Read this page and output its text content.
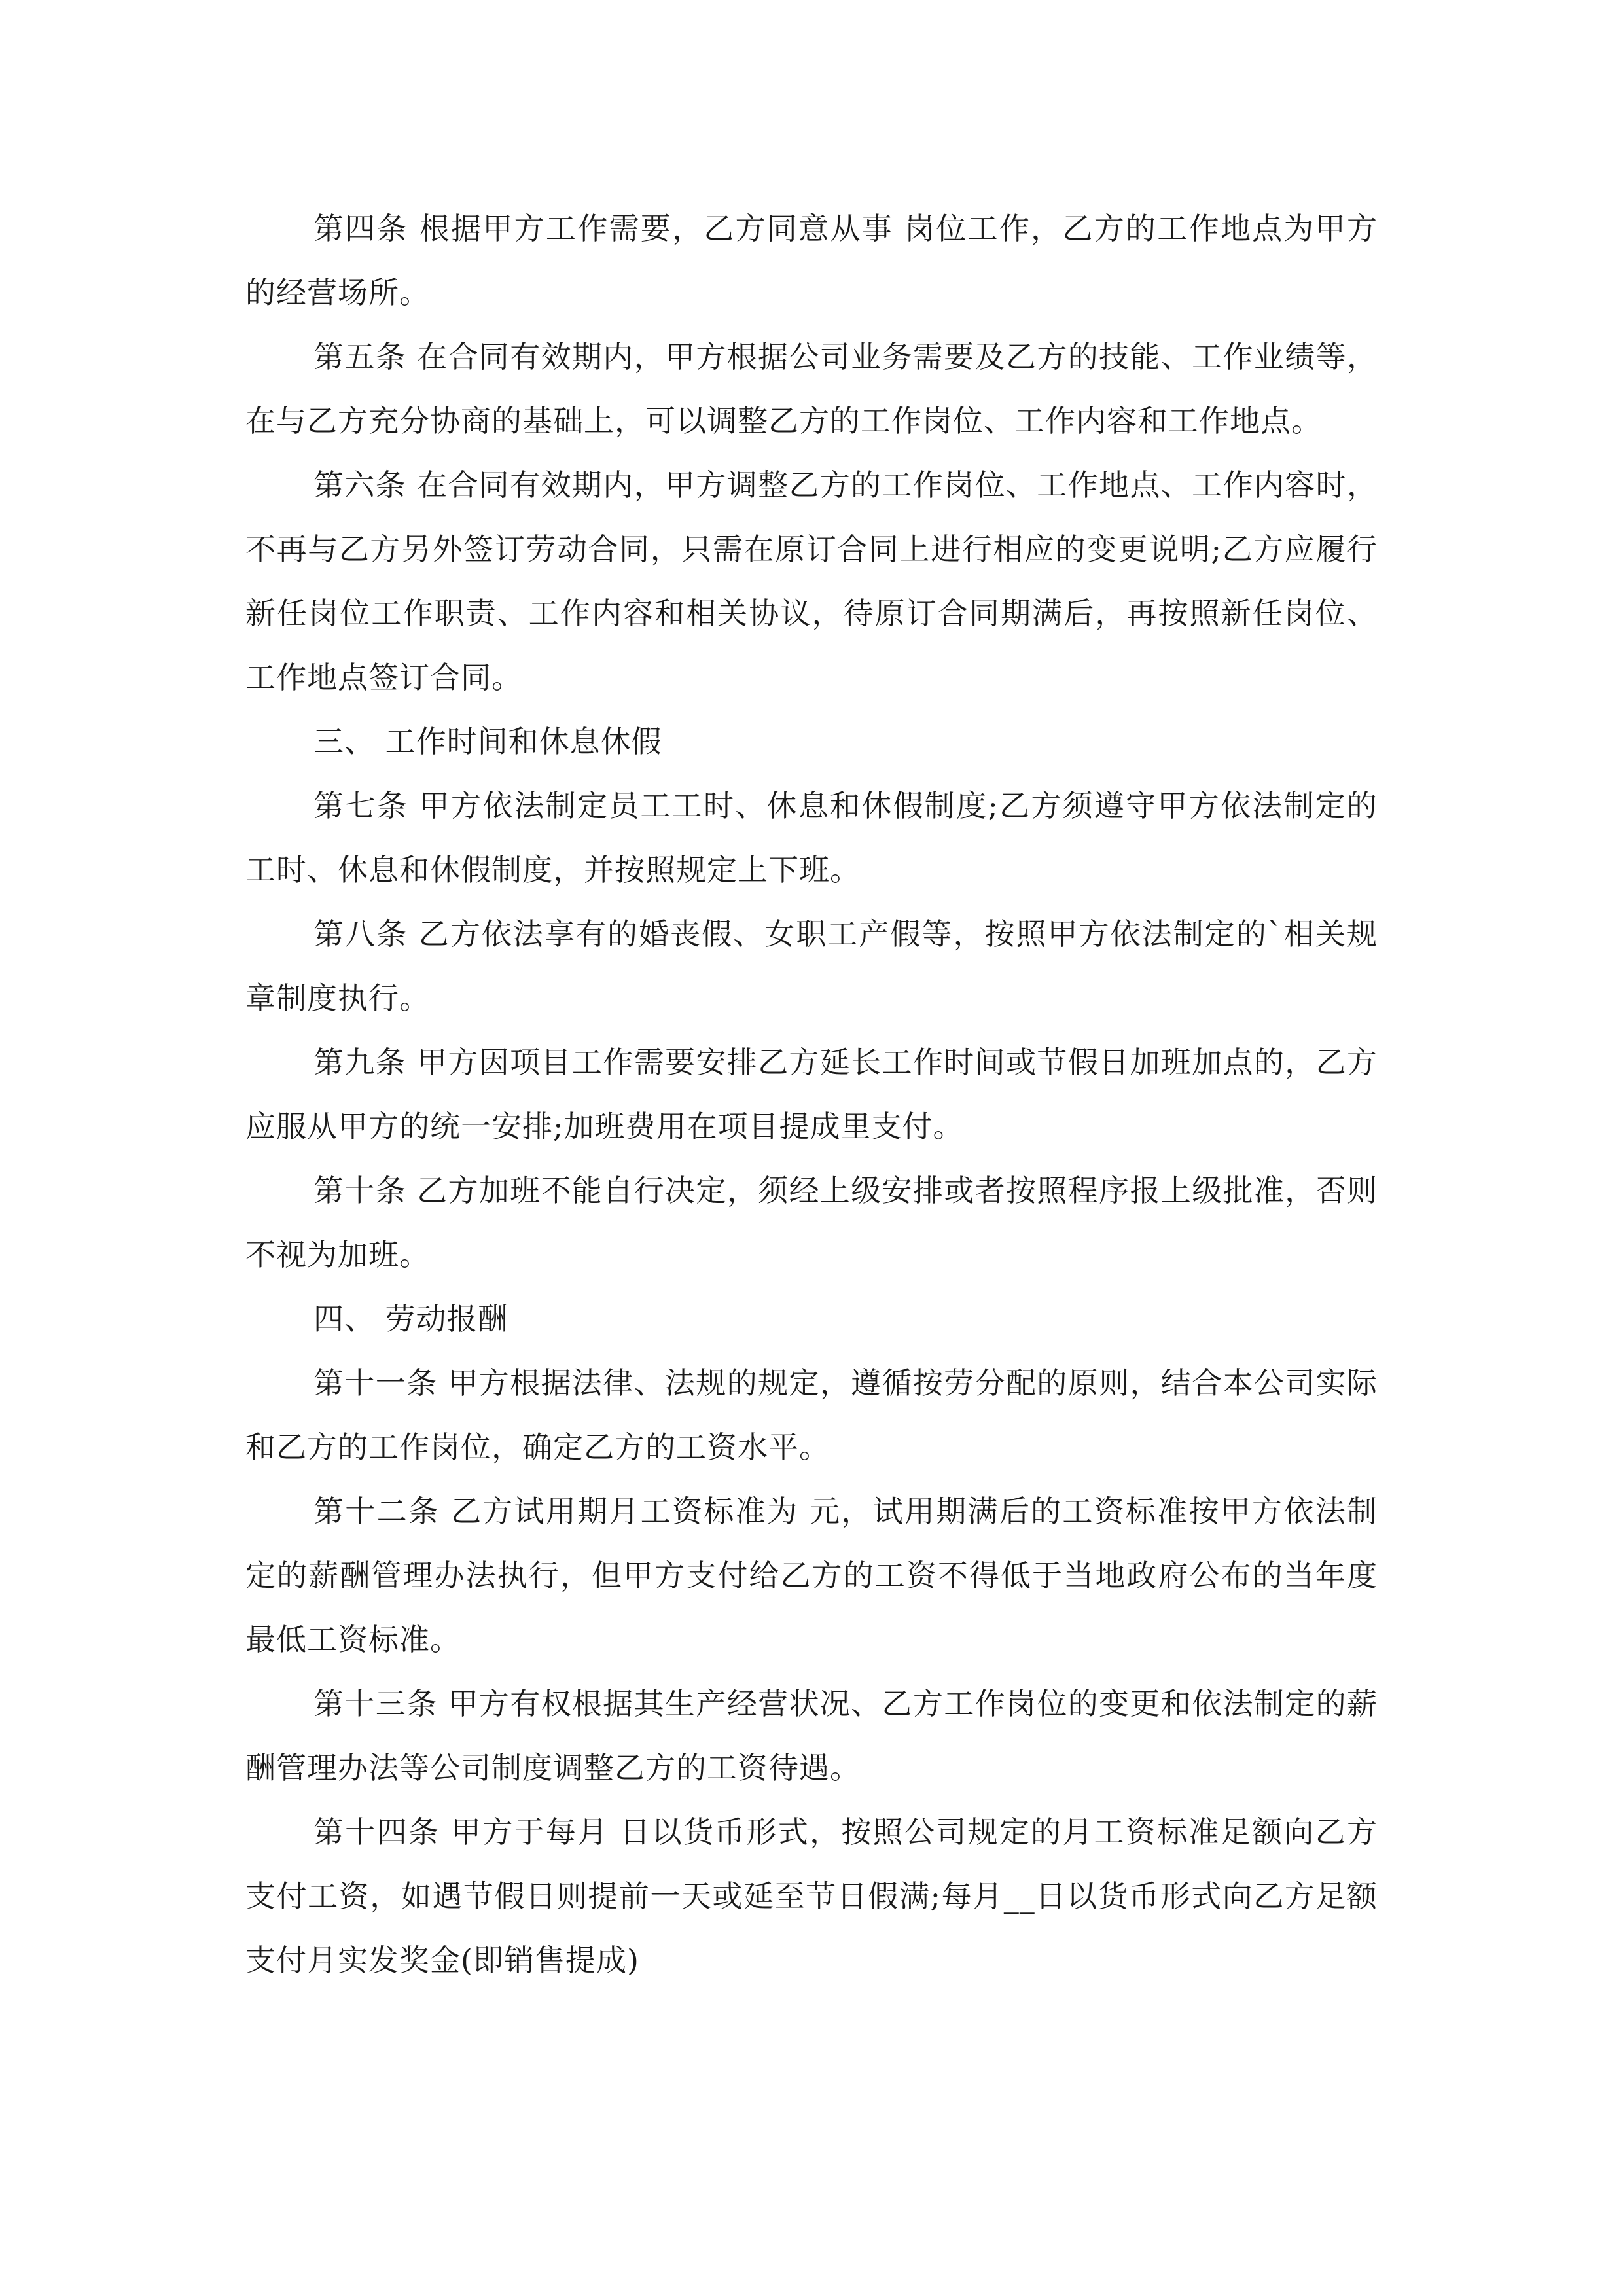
第四条 根据甲方工作需要，乙方同意从事 岗位工作，乙方的工作地点为甲方的经营场所。

第五条 在合同有效期内，甲方根据公司业务需要及乙方的技能、工作业绩等，在与乙方充分协商的基础上，可以调整乙方的工作岗位、工作内容和工作地点。

第六条 在合同有效期内，甲方调整乙方的工作岗位、工作地点、工作内容时，不再与乙方另外签订劳动合同，只需在原订合同上进行相应的变更说明;乙方应履行新任岗位工作职责、工作内容和相关协议，待原订合同期满后，再按照新任岗位、工作地点签订合同。

三、 工作时间和休息休假

第七条 甲方依法制定员工工时、休息和休假制度;乙方须遵守甲方依法制定的工时、休息和休假制度，并按照规定上下班。

第八条 乙方依法享有的婚丧假、女职工产假等，按照甲方依法制定的`相关规章制度执行。

第九条 甲方因项目工作需要安排乙方延长工作时间或节假日加班加点的，乙方应服从甲方的统一安排;加班费用在项目提成里支付。

第十条 乙方加班不能自行决定，须经上级安排或者按照程序报上级批准，否则不视为加班。

四、 劳动报酬

第十一条 甲方根据法律、法规的规定，遵循按劳分配的原则，结合本公司实际和乙方的工作岗位，确定乙方的工资水平。

第十二条 乙方试用期月工资标准为 元，试用期满后的工资标准按甲方依法制定的薪酬管理办法执行，但甲方支付给乙方的工资不得低于当地政府公布的当年度最低工资标准。

第十三条 甲方有权根据其生产经营状况、乙方工作岗位的变更和依法制定的薪酬管理办法等公司制度调整乙方的工资待遇。

第十四条 甲方于每月 日以货币形式，按照公司规定的月工资标准足额向乙方支付工资，如遇节假日则提前一天或延至节日假满;每月__日以货币形式向乙方足额支付月实发奖金(即销售提成)
